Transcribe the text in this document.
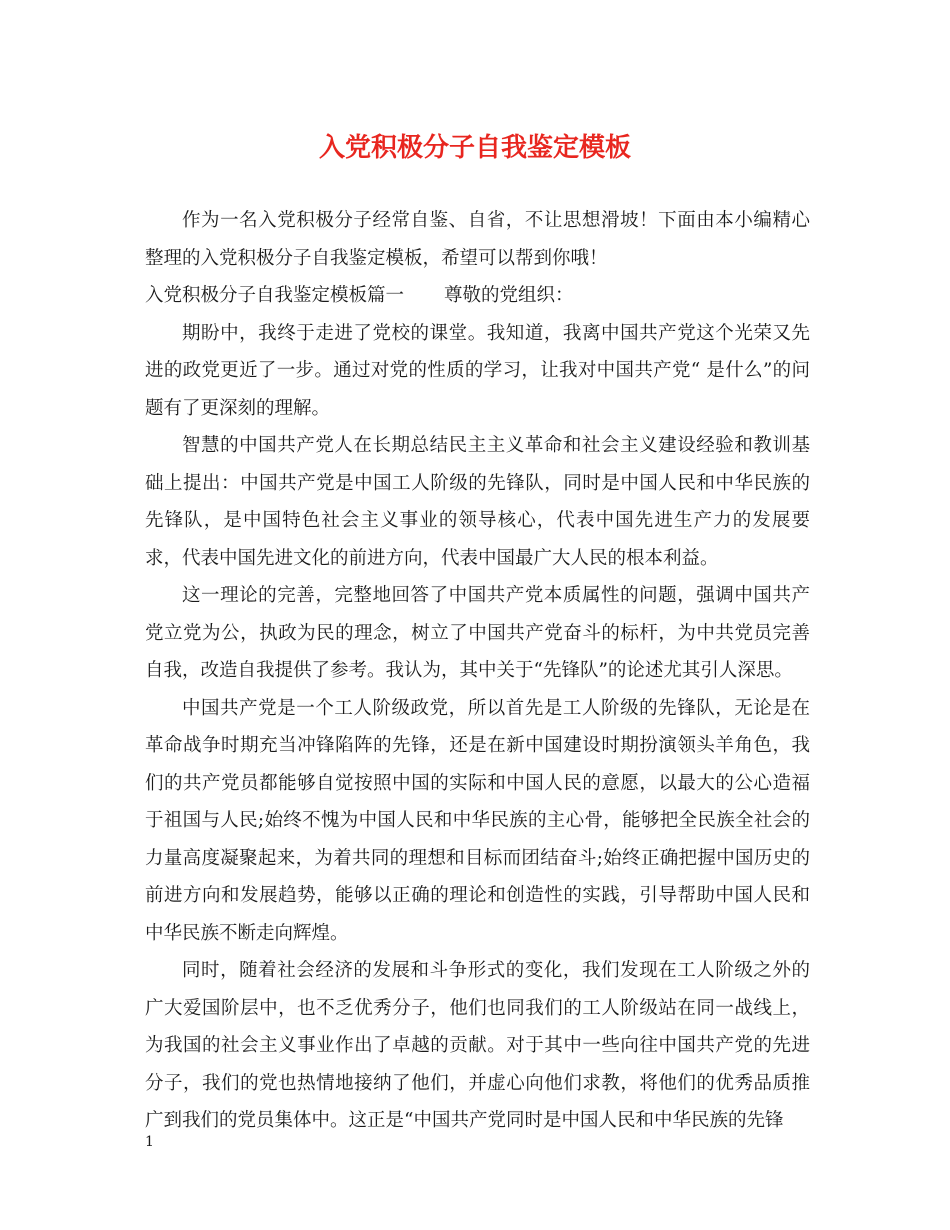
入党积极分子自我鉴定模板

作为一名入党积极分子经常自鉴、自省，不让思想滑坡！下面由本小编精心整理的入党积极分子自我鉴定模板，希望可以帮到你哦！

入党积极分子自我鉴定模板篇一 尊敬的党组织：

期盼中，我终于走进了党校的课堂。我知道，我离中国共产党这个光荣又先进的政党更近了一步。通过对党的性质的学习，让我对中国共产党“ 是什么”的问题有了更深刻的理解。

智慧的中国共产党人在长期总结民主主义革命和社会主义建设经验和教训基础上提出：中国共产党是中国工人阶级的先锋队，同时是中国人民和中华民族的先锋队，是中国特色社会主义事业的领导核心，代表中国先进生产力的发展要求，代表中国先进文化的前进方向，代表中国最广大人民的根本利益。

这一理论的完善，完整地回答了中国共产党本质属性的问题，强调中国共产党立党为公，执政为民的理念，树立了中国共产党奋斗的标杆，为中共党员完善自我，改造自我提供了参考。我认为，其中关于“先锋队”的论述尤其引人深思。

中国共产党是一个工人阶级政党，所以首先是工人阶级的先锋队，无论是在革命战争时期充当冲锋陷阵的先锋，还是在新中国建设时期扮演领头羊角色，我们的共产党员都能够自觉按照中国的实际和中国人民的意愿，以最大的公心造福于祖国与人民;始终不愧为中国人民和中华民族的主心骨，能够把全民族全社会的力量高度凝聚起来，为着共同的理想和目标而团结奋斗;始终正确把握中国历史的前进方向和发展趋势，能够以正确的理论和创造性的实践，引导帮助中国人民和中华民族不断走向辉煌。

同时，随着社会经济的发展和斗争形式的变化，我们发现在工人阶级之外的广大爱国阶层中，也不乏优秀分子，他们也同我们的工人阶级站在同一战线上，为我国的社会主义事业作出了卓越的贡献。对于其中一些向往中国共产党的先进分子，我们的党也热情地接纳了他们，并虚心向他们求教，将他们的优秀品质推广到我们的党员集体中。这正是“中国共产党同时是中国人民和中华民族的先锋

1
